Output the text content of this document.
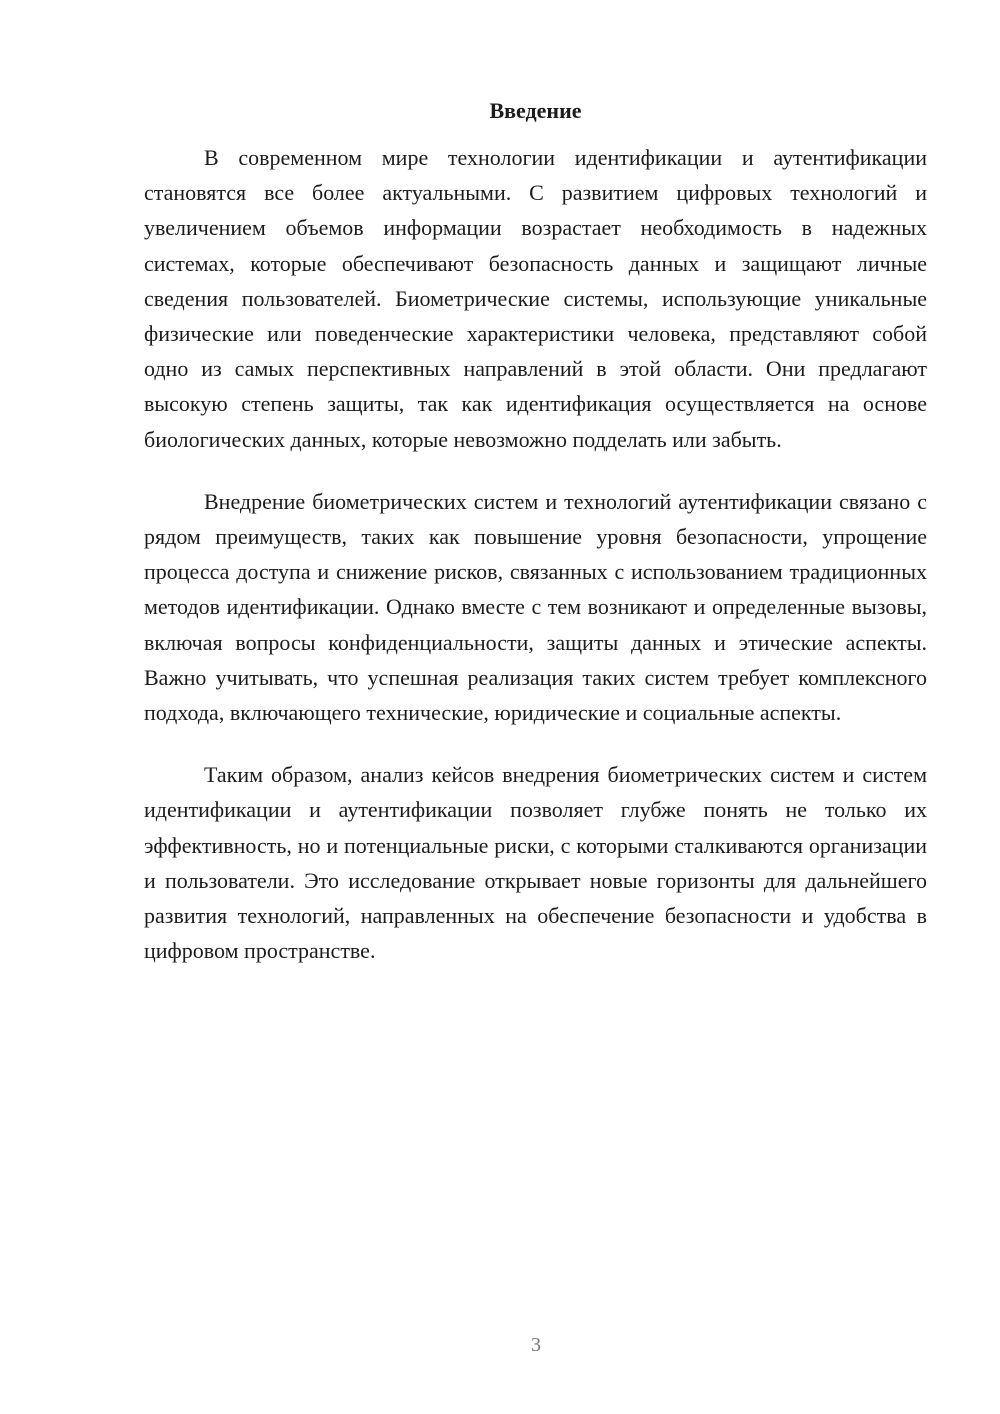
Введение

В современном мире технологии идентификации и аутентификации становятся все более актуальными. С развитием цифровых технологий и увеличением объемов информации возрастает необходимость в надежных системах, которые обеспечивают безопасность данных и защищают личные сведения пользователей. Биометрические системы, использующие уникальные физические или поведенческие характеристики человека, представляют собой одно из самых перспективных направлений в этой области. Они предлагают высокую степень защиты, так как идентификация осуществляется на основе биологических данных, которые невозможно подделать или забыть.

Внедрение биометрических систем и технологий аутентификации связано с рядом преимуществ, таких как повышение уровня безопасности, упрощение процесса доступа и снижение рисков, связанных с использованием традиционных методов идентификации. Однако вместе с тем возникают и определенные вызовы, включая вопросы конфиденциальности, защиты данных и этические аспекты. Важно учитывать, что успешная реализация таких систем требует комплексного подхода, включающего технические, юридические и социальные аспекты.

Таким образом, анализ кейсов внедрения биометрических систем и систем идентификации и аутентификации позволяет глубже понять не только их эффективность, но и потенциальные риски, с которыми сталкиваются организации и пользователи. Это исследование открывает новые горизонты для дальнейшего развития технологий, направленных на обеспечение безопасности и удобства в цифровом пространстве.

3
